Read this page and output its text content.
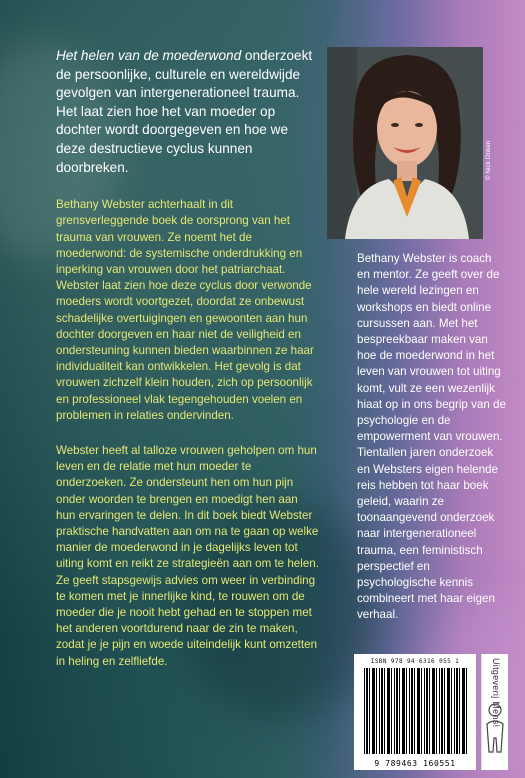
Het helen van de moederwond onderzoekt de persoonlijke, culturele en wereldwijde gevolgen van intergenerationeel trauma. Het laat zien hoe het van moeder op dochter wordt doorgegeven en hoe we deze destructieve cyclus kunnen doorbreken.

Bethany Webster achterhaalt in dit grensverleggende boek de oorsprong van het trauma van vrouwen. Ze noemt het de moederwond: de systemische onderdrukking en inperking van vrouwen door het patriarchaat. Webster laat zien hoe deze cyclus door verwonde moeders wordt voortgezet, doordat ze onbewust schadelijke overtuigingen en gewoonten aan hun dochter doorgeven en haar niet de veiligheid en ondersteuning kunnen bieden waarbinnen ze haar individualiteit kan ontwikkelen. Het gevolg is dat vrouwen zichzelf klein houden, zich op persoonlijk en professioneel vlak tegengehouden voelen en problemen in relaties ondervinden.

Webster heeft al talloze vrouwen geholpen om hun leven en de relatie met hun moeder te onderzoeken. Ze ondersteunt hen om hun pijn onder woorden te brengen en moedigt hen aan hun ervaringen te delen. In dit boek biedt Webster praktische handvatten aan om na te gaan op welke manier de moederwond in je dagelijks leven tot uiting komt en reikt ze strategieën aan om te helen. Ze geeft stapsgewijs advies om weer in verbinding te komen met je innerlijke kind, te rouwen om de moeder die je nooit hebt gehad en te stoppen met het anderen voortdurend naar de zin te maken, zodat je je pijn en woede uiteindelijk kunt omzetten in heling en zelfliefde.

© Nick Onken

Bethany Webster is coach en mentor. Ze geeft over de hele wereld lezingen en workshops en biedt online cursussen aan. Met het bespreekbaar maken van hoe de moederwond in het leven van vrouwen tot uiting komt, vult ze een wezenlijk hiaat op in ons begrip van de psychologie en de empowerment van vrouwen. Tientallen jaren onderzoek en Websters eigen helende reis hebben tot haar boek geleid, waarin ze toonaangevend onderzoek naar intergenerationeel trauma, een feministisch perspectief en psychologische kennis combineert met haar eigen verhaal.

ISBN 978 94 6316 055 1
9 789463 160551
Uitgeverij Mens!
